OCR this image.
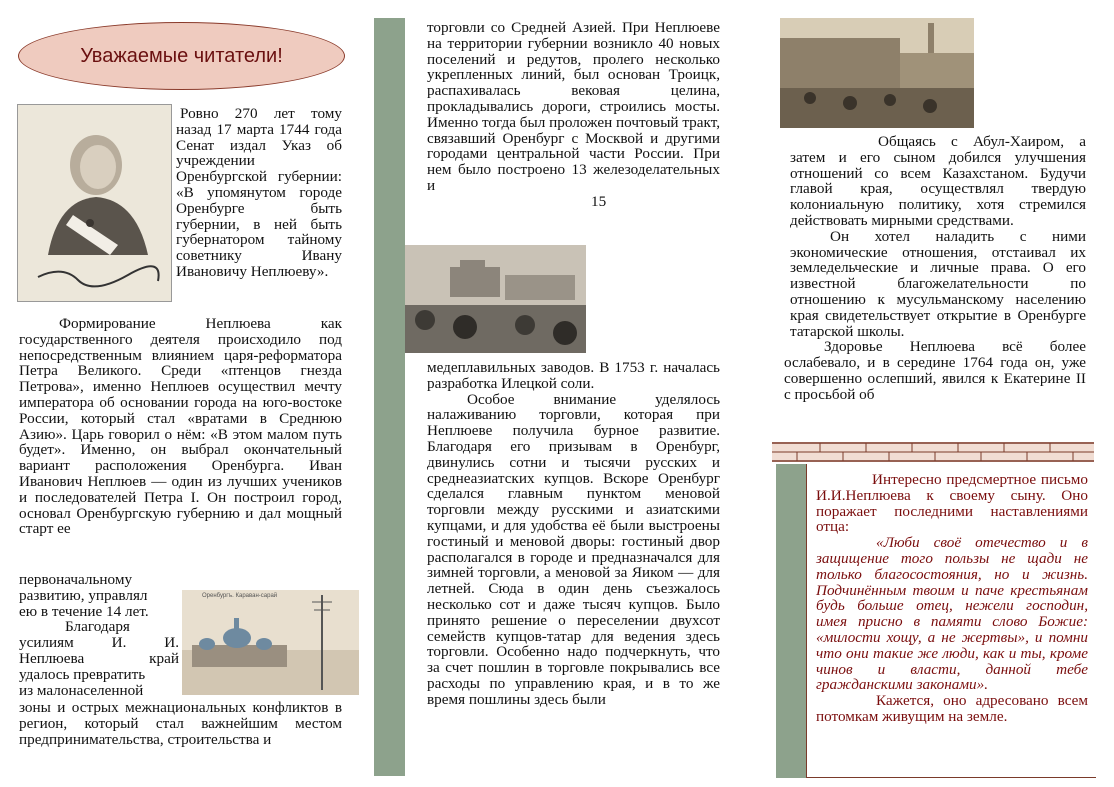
Уважаемые читатели!
Ровно 270 лет тому назад 17 марта 1744 года Сенат издал Указ об учреждении Оренбургской губернии: «В упомянутом городе Оренбурге быть губернии, в ней быть губернатором тайному советнику Ивану Ивановичу Неплюеву».

Формирование Неплюева как государственного деятеля происходило под непосредственным влиянием царя-реформатора Петра Великого. Среди «птенцов гнезда Петрова», именно Неплюев осуществил мечту императора об основании города на юго-востоке России, который стал «вратами в Среднюю Азию». Царь говорил о нём: «В этом малом путь будет». Именно, он выбрал окончательный вариант расположения Оренбурга. Иван Иванович Неплюев — один из лучших учеников и последователей Петра I. Он построил город, основал Оренбургскую губернию и дал мощный старт ее

первоначальному

развитию, управлял

ею в течение 14 лет.

Благодаря

усилиям И. И.

Неплюева край

удалось превратить

из малонаселенной

зоны и острых межнациональных конфликтов в регион, который стал важнейшим местом предпринимательства, строительства и

Оренбургъ. Караван-сарай

торговли со Средней Азией. При Неплюеве на территории губернии возникло 40 новых поселений и редутов, пролего несколько укрепленных линий, был основан Троицк, распахивалась вековая целина, прокладывались дороги, строились мосты. Именно тогда был проложен почтовый тракт, связавший Оренбург с Москвой и другими городами центральной части России. При нем было построено 13 железоделательных и

15

медеплавильных заводов. В 1753 г. началась разработка Илецкой соли.

Особое внимание уделялось налаживанию торговли, которая при Неплюеве получила бурное развитие. Благодаря его призывам в Оренбург, двинулись сотни и тысячи русских и среднеазиатских купцов. Вскоре Оренбург сделался главным пунктом меновой торговли между русскими и азиатскими купцами, и для удобства её были выстроены гостиный и меновой дворы: гостиный двор располагался в городе и предназначался для зимней торговли, а меновой за Яиком — для летней. Сюда в один день съезжалось несколько сот и даже тысяч купцов. Было принято решение о переселении двухсот семейств купцов-татар для ведения здесь торговли. Особенно надо подчеркнуть, что за счет пошлин в торговле покрывались все расходы по управлению края, и в то же время пошлины здесь были

Общаясь с Абул-Хаиром, а затем и его сыном добился улучшения отношений со всем Казахстаном. Будучи главой края, осуществлял твердую колониальную политику, хотя стремился действовать мирными средствами.

Он хотел наладить с ними экономические отношения, отстаивал их земледельческие и личные права. О его известной благожелательности по отношению к мусульманскому населению края свидетельствует открытие в Оренбурге татарской школы.

Здоровье Неплюева всё более ослабевало, и в середине 1764 года он, уже совершенно ослепший, явился к Екатерине II с просьбой об

Интересно предсмертное письмо И.И.Неплюева к своему сыну. Оно поражает последними наставлениями отца:

«Люби своё отечество и в защищение того пользы не щади не только благосостояния, но и жизнь. Подчинённым твоим и паче крестьянам будь больше отец, нежели господин, имея присно в памяти слово Божие: «милости хощу, а не жертвы», и помни что они такие же люди, как и ты, кроме чинов и власти, данной тебе гражданскими законами».

Кажется, оно адресовано всем потомкам живущим на земле.
